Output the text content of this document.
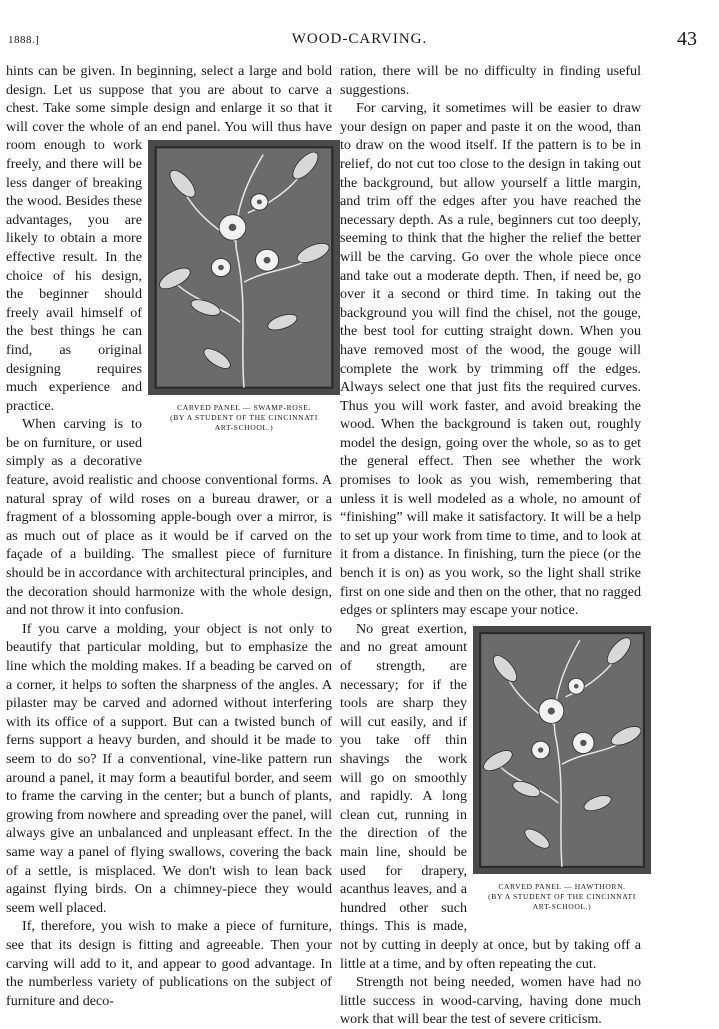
1888.]	WOOD-CARVING.	43

hints can be given. In beginning, select a large and bold design. Let us suppose that you are about to carve a chest. Take some simple design and enlarge it so that it will cover the whole of an end panel. You will thus have room enough to
CARVED PANEL — SWAMP-ROSE.
(BY A STUDENT OF THE CINCINNATI
ART-SCHOOL.)
work freely, and there will be less danger of breaking the wood. Besides these advantages, you are likely to obtain a more effective result. In the choice of his design, the beginner should freely avail himself of the best things he can find, as original designing requires much experience and practice.

When carving is to be on furniture, or used simply as a decorative feature, avoid realistic and choose conventional forms. A natural spray of wild roses on a bureau drawer, or a fragment of a blossoming apple-bough over a mirror, is as much out of place as it would be if carved on the façade of a building. The smallest piece of furniture should be in accordance with architectural principles, and the decoration should harmonize with the whole design, and not throw it into confusion.

If you carve a molding, your object is not only to beautify that particular molding, but to emphasize the line which the molding makes. If a beading be carved on a corner, it helps to soften the sharpness of the angles. A pilaster may be carved and adorned without interfering with its office of a support. But can a twisted bunch of ferns support a heavy burden, and should it be made to seem to do so? If a conventional, vine-like pattern run around a panel, it may form a beautiful border, and seem to frame the carving in the center; but a bunch of plants, growing from nowhere and spreading over the panel, will always give an unbalanced and unpleasant effect. In the same way a panel of flying swallows, covering the back of a settle, is misplaced. We don't wish to lean back against flying birds. On a chimney-piece they would seem well placed.

If, therefore, you wish to make a piece of furniture, see that its design is fitting and agreeable. Then your carving will add to it, and appear to good advantage. In the numberless variety of publications on the subject of furniture and deco-

ration, there will be no difficulty in finding useful suggestions.

For carving, it sometimes will be easier to draw your design on paper and paste it on the wood, than to draw on the wood itself. If the pattern is to be in relief, do not cut too close to the design in taking out the background, but allow yourself a little margin, and trim off the edges after you have reached the necessary depth. As a rule, beginners cut too deeply, seeming to think that the higher the relief the better will be the carving. Go over the whole piece once and take out a moderate depth. Then, if need be, go over it a second or third time. In taking out the background you will find the chisel, not the gouge, the best tool for cutting straight down. When you have removed most of the wood, the gouge will complete the work by trimming off the edges. Always select one that just fits the required curves. Thus you will work faster, and avoid breaking the wood. When the background is taken out, roughly model the design, going over the whole, so as to get the general effect. Then see whether the work promises to look as you wish, remembering that unless it is well modeled as a whole, no amount of “finishing” will make it satisfactory. It will be a help to set up your work from time to time, and to look at it from a distance. In finishing, turn the piece (or the bench it is on) as you work, so the light shall strike first on one side and then on the other, that no ragged edges or splinters may escape your notice.

CARVED PANEL — HAWTHORN.
(BY A STUDENT OF THE CINCINNATI
ART-SCHOOL.)
No great exertion, and no great amount of strength, are necessary; for if the tools are sharp they will cut easily, and if you take off thin shavings the work will go on smoothly and rapidly. A long clean cut, running in the direction of the main line, should be used for drapery, acanthus leaves, and a hundred other such things. This is made, not by cutting in deeply at once, but by taking off a little at a time, and by often repeating the cut.

Strength not being needed, women have had no little success in wood-carving, having done much work that will bear the test of severe criticism.
